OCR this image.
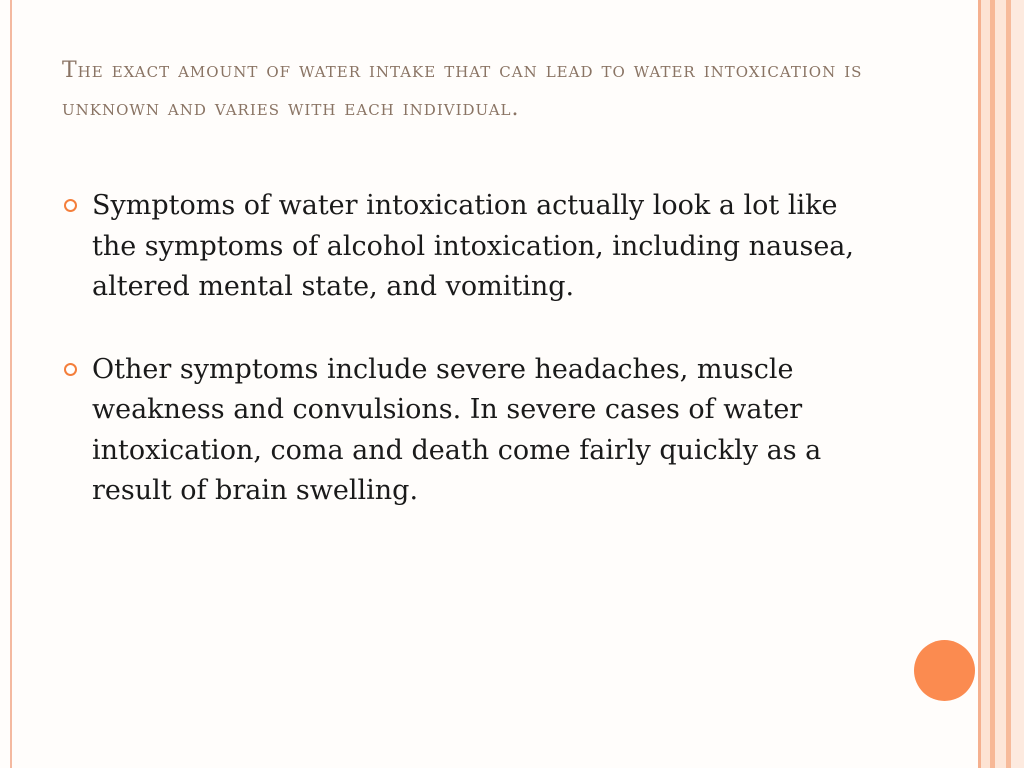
The exact amount of water intake that can lead to water intoxication is unknown and varies with each individual.
Symptoms of water intoxication actually look a lot like the symptoms of alcohol intoxication, including nausea, altered mental state, and vomiting.
Other symptoms include severe headaches, muscle weakness and convulsions. In severe cases of water intoxication, coma and death come fairly quickly as a result of brain swelling.
